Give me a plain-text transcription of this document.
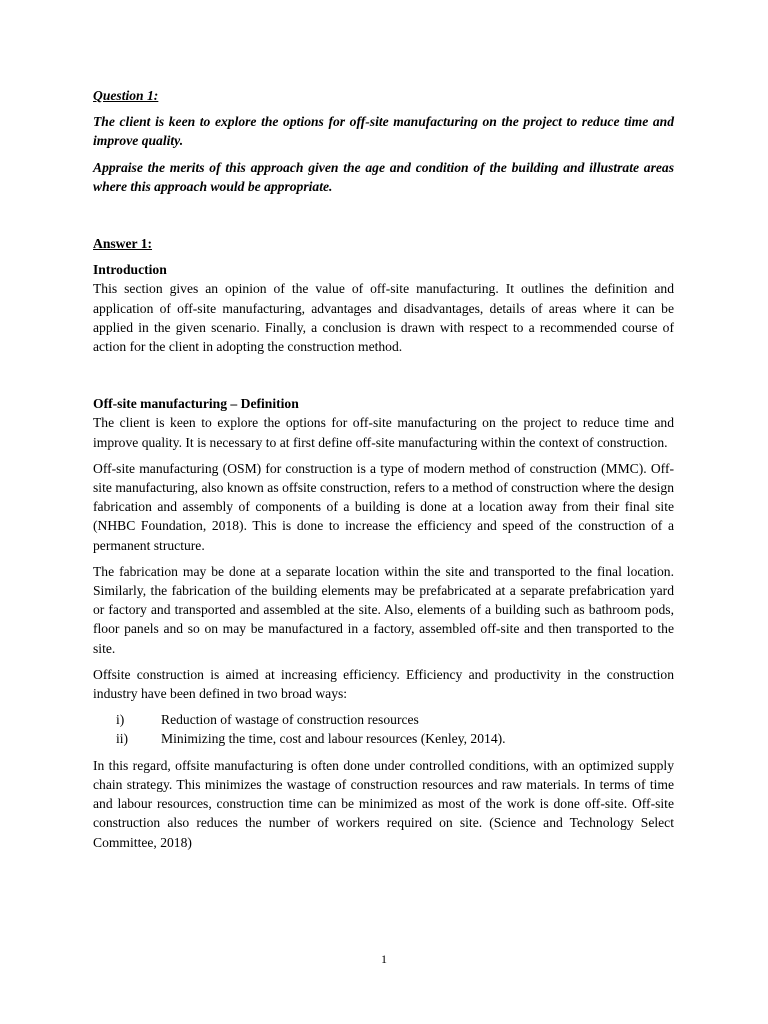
Question 1:

The client is keen to explore the options for off-site manufacturing on the project to reduce time and improve quality.

Appraise the merits of this approach given the age and condition of the building and illustrate areas where this approach would be appropriate.

Answer 1:

Introduction

This section gives an opinion of the value of off-site manufacturing. It outlines the definition and application of off-site manufacturing, advantages and disadvantages, details of areas where it can be applied in the given scenario. Finally, a conclusion is drawn with respect to a recommended course of action for the client in adopting the construction method.

Off-site manufacturing – Definition

The client is keen to explore the options for off-site manufacturing on the project to reduce time and improve quality. It is necessary to at first define off-site manufacturing within the context of construction.

Off-site manufacturing (OSM) for construction is a type of modern method of construction (MMC). Off-site manufacturing, also known as offsite construction, refers to a method of construction where the design fabrication and assembly of components of a building is done at a location away from their final site (NHBC Foundation, 2018). This is done to increase the efficiency and speed of the construction of a permanent structure.

The fabrication may be done at a separate location within the site and transported to the final location. Similarly, the fabrication of the building elements may be prefabricated at a separate prefabrication yard or factory and transported and assembled at the site. Also, elements of a building such as bathroom pods, floor panels and so on may be manufactured in a factory, assembled off-site and then transported to the site.

Offsite construction is aimed at increasing efficiency. Efficiency and productivity in the construction industry have been defined in two broad ways:

i)	Reduction of wastage of construction resources
ii)	Minimizing the time, cost and labour resources (Kenley, 2014).

In this regard, offsite manufacturing is often done under controlled conditions, with an optimized supply chain strategy. This minimizes the wastage of construction resources and raw materials. In terms of time and labour resources, construction time can be minimized as most of the work is done off-site. Off-site construction also reduces the number of workers required on site. (Science and Technology Select Committee, 2018)

1
